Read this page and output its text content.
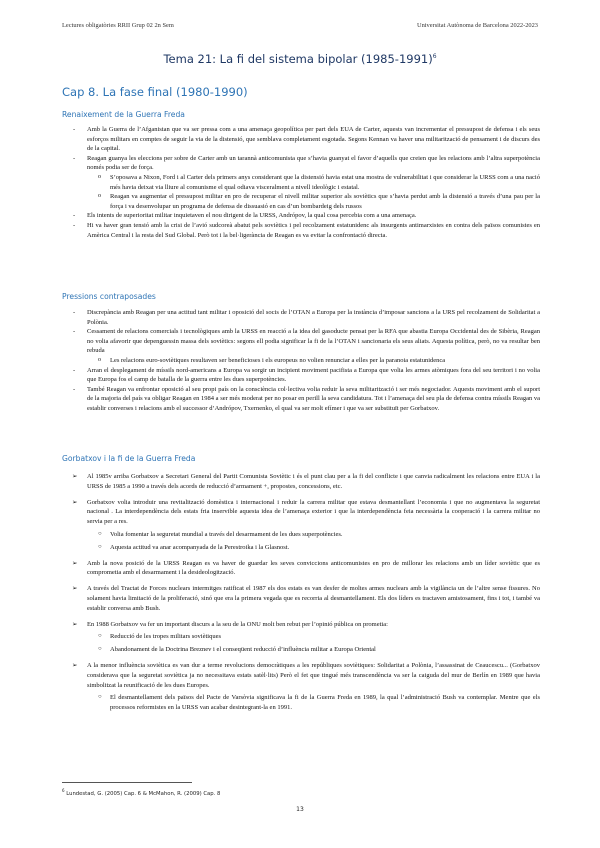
Lectures obligatòries RRII Grup 02 2n Sem	Universitat Autònoma de Barcelona 2022-2023
Tema 21: La fi del sistema bipolar (1985-1991)$^6$
Cap 8. La fase final (1980-1990)
Renaixement de la Guerra Freda

- Amb la Guerra de l’Afganistan que va ser pressa com a una amenaça geopolítica per part dels EUA de Carter, aquests van incrementar el pressupost de defensa i els seus esforços militars en comptes de seguir la via de la distensió, que semblava completament esgotada. Segons Kennan va haver una militarització de pensament i de discurs des de la capital.

- Reagan guanya les eleccions per sobre de Carter amb un tarannà anticomunista que s’havia guanyat el favor d’aquells que creien que les relacions amb l’altra superpotència només podia ser de força.

o S’oposava a Nixon, Ford i al Carter dels primers anys considerant que la distensió havia estat una mostra de vulnerabilitat i que considerar la URSS com a una nació més havia deixat via lliure al comunisme el qual odiava visceralment a nivell ideològic i estatal.

o Reagan va augmentar el pressupost militar en pro de recuperar el nivell militar superior als soviètics que s’havia perdut amb la distensió a través d’una pau per la força i va desenvolupar un programa de defensa de dissuasió en cas d’un bombardeig dels russos

- Els intents de superioritat militar inquietaven el nou dirigent de la URSS, Andrópov, la qual cosa percebia com a una amenaça.

- Hi va haver gran tensió amb la crisi de l’avió sudcoreà abatut pels soviètics i pel recolzament estatunidenc als insurgents antimarxistes en contra dels països comunistes en Amèrica Central i la resta del Sud Global. Però tot i la bel·ligerància de Reagan es va evitar la confrontació directa.

Pressions contraposades

- Discrepància amb Reagan per una actitud tant militar i oposició del socis de l’OTAN a Europa per la instància d’imposar sancions a la URS pel recolzament de Solidaritat a Polònia.

- Cessament de relacions comercials i tecnològiques amb la URSS en reacció a la idea del gasoducte pensat per la RFA que abastia Europa Occidental des de Sibèria, Reagan no volia afavorir que depenguessin massa dels soviètics: segons ell podia significar la fi de la l’OTAN i sancionaria els seus aliats. Aquesta política, però, no va resultar ben rebuda

o Les relacions euro-soviètiques resultaven ser beneficioses i els europeus no volien renunciar a elles per la paranoia estatunidenca

- Arran el desplegament de míssils nord-americans a Europa va sorgir un incipient moviment pacifista a Europa que volia les armes atòmiques fora del seu territori i no volia que Europa fos el camp de batalla de la guerra entre les dues superpotències.

- També Reagan va enfrontar oposició al seu propi país on la consciència col·lectiva volia reduir la seva militarització i ser més negociador. Aquests moviment amb el suport de la majoria del país va obligar Reagan en 1984 a ser més moderat per no posar en perill la seva candidatura. Tot i l’amenaça del seu pla de defensa contra míssils Reagan va establir converses i relacions amb el successor d’Andrópov, Txernenko, el qual va ser molt efímer i que va ser substituït per Gorbatxov.

Gorbatxov i la fi de la Guerra Freda

➢ Al 1985v arriba Gorbatxov a Secretari General del Partit Comunista Soviètic i és el punt clau per a la fi del conflicte i que canvia radicalment les relacions entre EUA i la URSS de 1985 a 1990 a través dels acords de reducció d’armament +, propostes, concessions, etc.

➢ Gorbatxov volia introduir una revitalització domèstica i internacional i reduir la carrera militar que estava desmantellant l’economia i que no augmentava la seguretat nacional . La interdependència dels estats fria inservible aquesta idea de l’amenaça exterior i que la interdependència feia necessària la cooperació i la carrera militar no servia per a res.

○ Volia fomentar la seguretat mundial a través del desarmament de les dues superpotències.

○ Aquesta actitud va anar acompanyada de la Perestroika i la Glasnost.

➢ Amb la nova posició de la URSS Reagan es va haver de guardar les seves conviccions anticomunistes en pro de millorar les relacions amb un líder soviètic que es comprometia amb el desarmament i la desideologització.

➢ A través del Tractat de Forces nuclears intermitges ratificat el 1987 els dos estats es van desfer de moltes armes nuclears amb la vigilància un de l’altre sense fissures. No solament havia limitació de la proliferació, sinó que era la primera vegada que es recorria al desmantellament. Els dos líders es tractaven amistosament, fins i tot, i també va establir conversa amb Bush.

➢ En 1988 Gorbatxov va fer un important discurs a la seu de la ONU molt ben rebut per l’opinió pública on prometia:

○ Reducció de les tropes militars soviètiques

○ Abandonament de la Doctrina Breznev i el conseqüent reducció d’influència militar a Europa Oriental

➢ A la menor influència soviètica es van dur a terme revolucions democràtiques a les repúbliques soviètiques: Solidaritat a Polònia, l’assassinat de Ceaucescu... (Gorbatxov considerava que la seguretat soviètica ja no necessitava estats satèl·lits) Però el fet que tingué més transcendència va ser la caiguda del mur de Berlín en 1989 que havia simbolitzat la reunificació de les dues Europes.

○ El desmantellament dels països del Pacte de Varsòvia significava la fi de la Guerra Freda en 1989, la qual l’administració Bush va contemplar. Mentre que els processos reformistes en la URSS van acabar desintegrant-la en 1991.

$^6$ Lundestad, G. (2005) Cap. 6 & McMahon, R. (2009) Cap. 8
13
